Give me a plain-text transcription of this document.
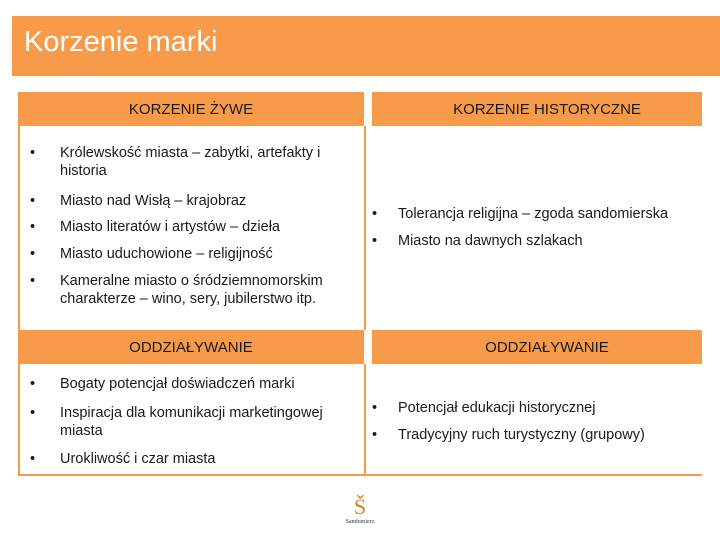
Korzenie marki
KORZENIE ŻYWE	KORZENIE HISTORYCZNE
ODDZIAŁYWANIE	ODDZIAŁYWANIE
• Królewskość miasta – zabytki, artefakty i historia
• Miasto nad Wisłą – krajobraz
• Miasto literatów i artystów – dzieła
• Miasto uduchowione – religijność
• Kameralne miasto o śródziemnomorskim charakterze – wino, sery, jubilerstwo itp.
• Tolerancja religijna – zgoda sandomierska
• Miasto na dawnych szlakach
• Bogaty potencjał doświadczeń marki
• Inspiracja dla komunikacji marketingowej miasta
• Urokliwość i czar miasta
• Potencjał edukacji historycznej
• Tradycyjny ruch turystyczny (grupowy)
Š
Sandomierz
